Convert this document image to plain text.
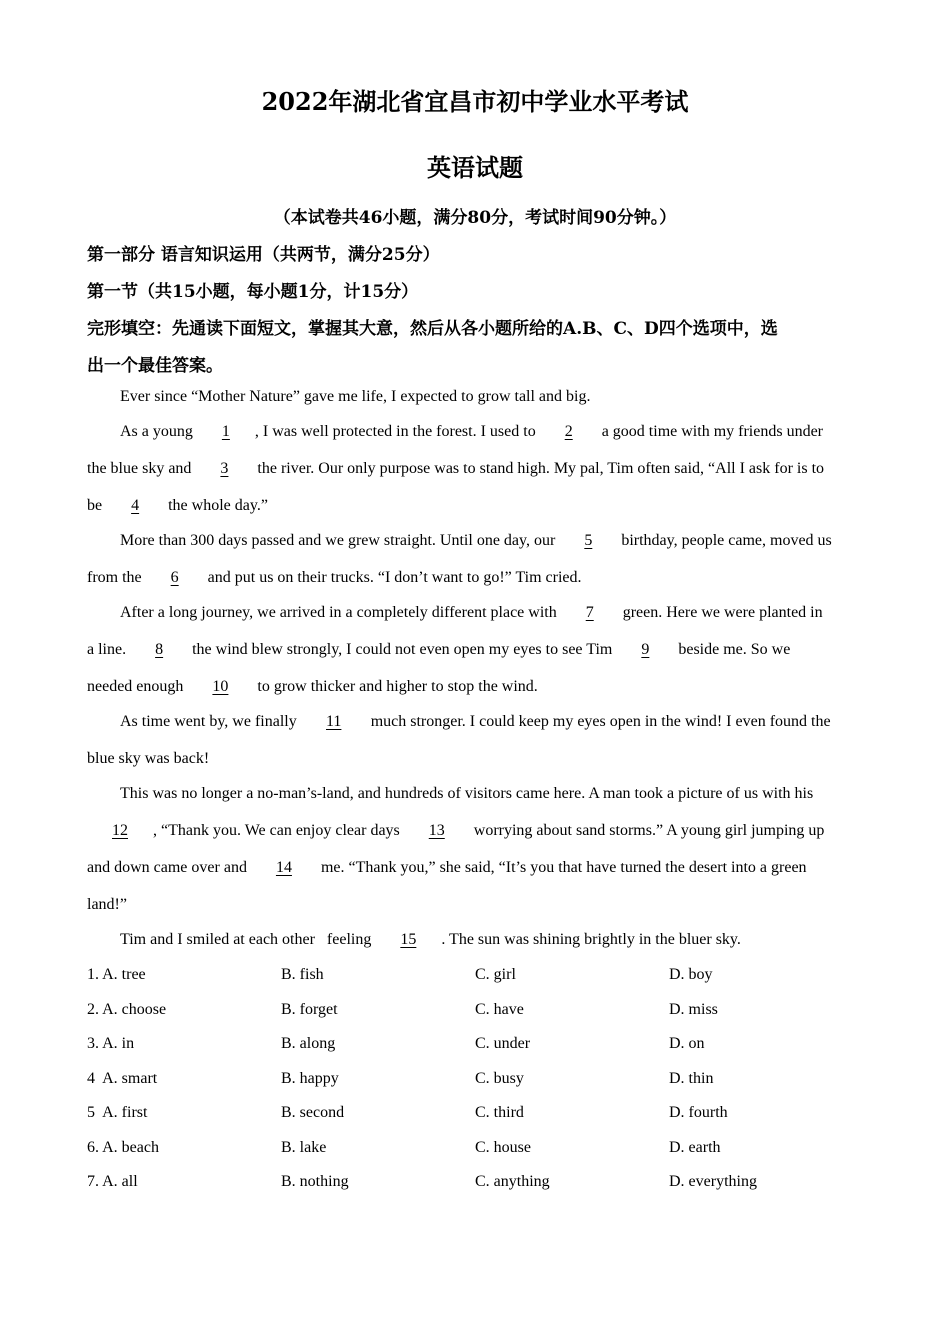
2022年湖北省宜昌市初中学业水平考试
英语试题
（本试卷共46小题，满分80分，考试时间90分钟。）
第一部分 语言知识运用（共两节，满分25分）
第一节（共15小题，每小题1分，计15分）
完形填空：先通读下面短文，掌握其大意，然后从各小题所给的A.B、C、D四个选项中，选
出一个最佳答案。
Ever since “Mother Nature” gave me life, I expected to grow tall and big.
As a young 1 , I was well protected in the forest. I used to 2 a good time with my friends under
the blue sky and 3 the river. Our only purpose was to stand high. My pal, Tim often said, “All I ask for is to
be 4 the whole day.”
More than 300 days passed and we grew straight. Until one day, our 5 birthday, people came, moved us
from the 6 and put us on their trucks. “I don’t want to go!” Tim cried.
After a long journey, we arrived in a completely different place with 7 green. Here we were planted in
a line. 8 the wind blew strongly, I could not even open my eyes to see Tim 9 beside me. So we
needed enough 10 to grow thicker and higher to stop the wind.
As time went by, we finally 11 much stronger. I could keep my eyes open in the wind! I even found the
blue sky was back!
This was no longer a no-man’s-land, and hundreds of visitors came here. A man took a picture of us with his
12 , “Thank you. We can enjoy clear days 13 worrying about sand storms.” A young girl jumping up
and down came over and 14 me. “Thank you,” she said, “It’s you that have turned the desert into a green
land!”
Tim and I smiled at each other   feeling 15 . The sun was shining brightly in the bluer sky.
1. A. tree	B. fish	C. girl	D. boy
2. A. choose	B. forget	C. have	D. miss
3. A. in	B. along	C. under	D. on
4  A. smart	B. happy	C. busy	D. thin
5  A. first	B. second	C. third	D. fourth
6. A. beach	B. lake	C. house	D. earth
7. A. all	B. nothing	C. anything	D. everything
